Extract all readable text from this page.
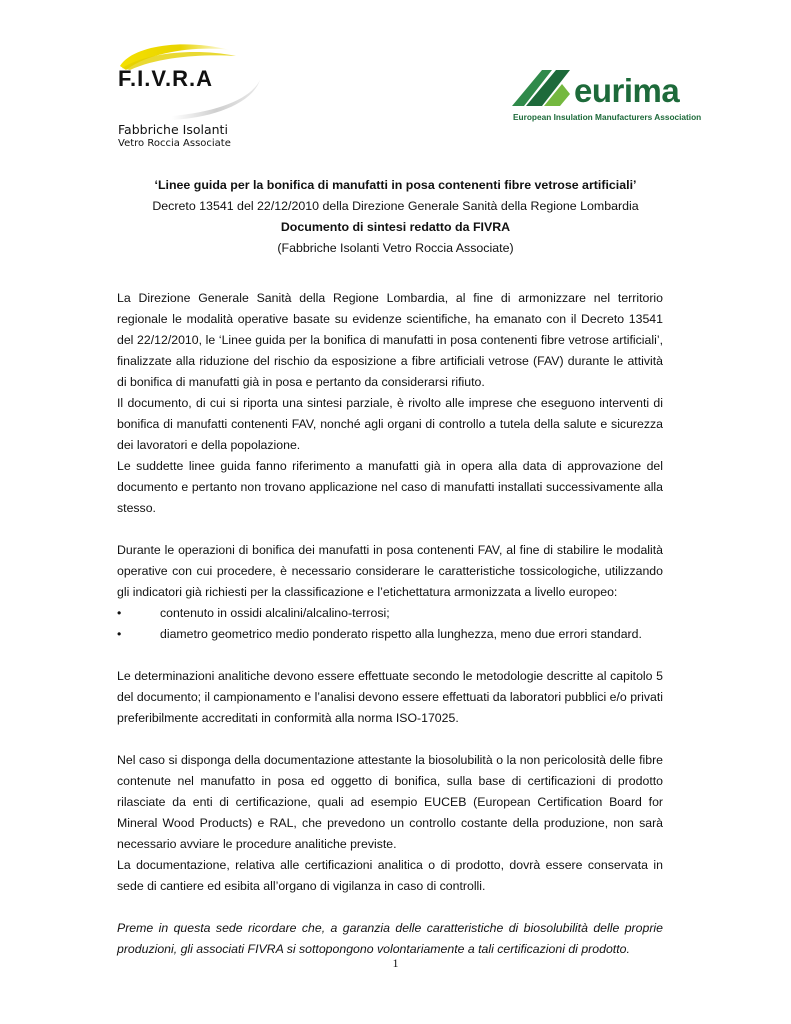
F.I.V.R.A
Fabbriche Isolanti
Vetro Roccia Associate
eurima
European Insulation Manufacturers Association
‘Linee guida per la bonifica di manufatti in posa contenenti fibre vetrose artificiali’
Decreto 13541 del 22/12/2010 della Direzione Generale Sanità della Regione Lombardia
Documento di sintesi redatto da FIVRA
(Fabbriche Isolanti Vetro Roccia Associate)

La Direzione Generale Sanità della Regione Lombardia, al fine di armonizzare nel territorio regionale le modalità operative basate su evidenze scientifiche, ha emanato con il Decreto 13541 del 22/12/2010, le ‘Linee guida per la bonifica di manufatti in posa contenenti fibre vetrose artificiali’, finalizzate alla riduzione del rischio da esposizione a fibre artificiali vetrose (FAV) durante le attività di bonifica di manufatti già in posa e pertanto da considerarsi rifiuto.

Il documento, di cui si riporta una sintesi parziale, è rivolto alle imprese che eseguono interventi di bonifica di manufatti contenenti FAV, nonché agli organi di controllo a tutela della salute e sicurezza dei lavoratori e della popolazione.

Le suddette linee guida fanno riferimento a manufatti già in opera alla data di approvazione del documento e pertanto non trovano applicazione nel caso di manufatti installati successivamente alla stesso.

Durante le operazioni di bonifica dei manufatti in posa contenenti FAV, al fine di stabilire le modalità operative con cui procedere, è necessario considerare le caratteristiche tossicologiche, utilizzando gli indicatori già richiesti per la classificazione e l’etichettatura armonizzata a livello europeo:

•	contenuto in ossidi alcalini/alcalino-terrosi;
•	diametro geometrico medio ponderato rispetto alla lunghezza, meno due errori standard.

Le determinazioni analitiche devono essere effettuate secondo le metodologie descritte al capitolo 5 del documento; il campionamento e l’analisi devono essere effettuati da laboratori pubblici e/o privati preferibilmente accreditati in conformità alla norma ISO-17025.

Nel caso si disponga della documentazione attestante la biosolubilità o la non pericolosità delle fibre contenute nel manufatto in posa ed oggetto di bonifica, sulla base di certificazioni di prodotto rilasciate da enti di certificazione, quali ad esempio EUCEB (European Certification Board for Mineral Wood Products) e RAL, che prevedono un controllo costante della produzione, non sarà necessario avviare le procedure analitiche previste.

La documentazione, relativa alle certificazioni analitica o di prodotto, dovrà essere conservata in sede di cantiere ed esibita all’organo di vigilanza in caso di controlli.

Preme in questa sede ricordare che, a garanzia delle caratteristiche di biosolubilità delle proprie produzioni, gli associati FIVRA si sottopongono volontariamente a tali certificazioni di prodotto.

1
